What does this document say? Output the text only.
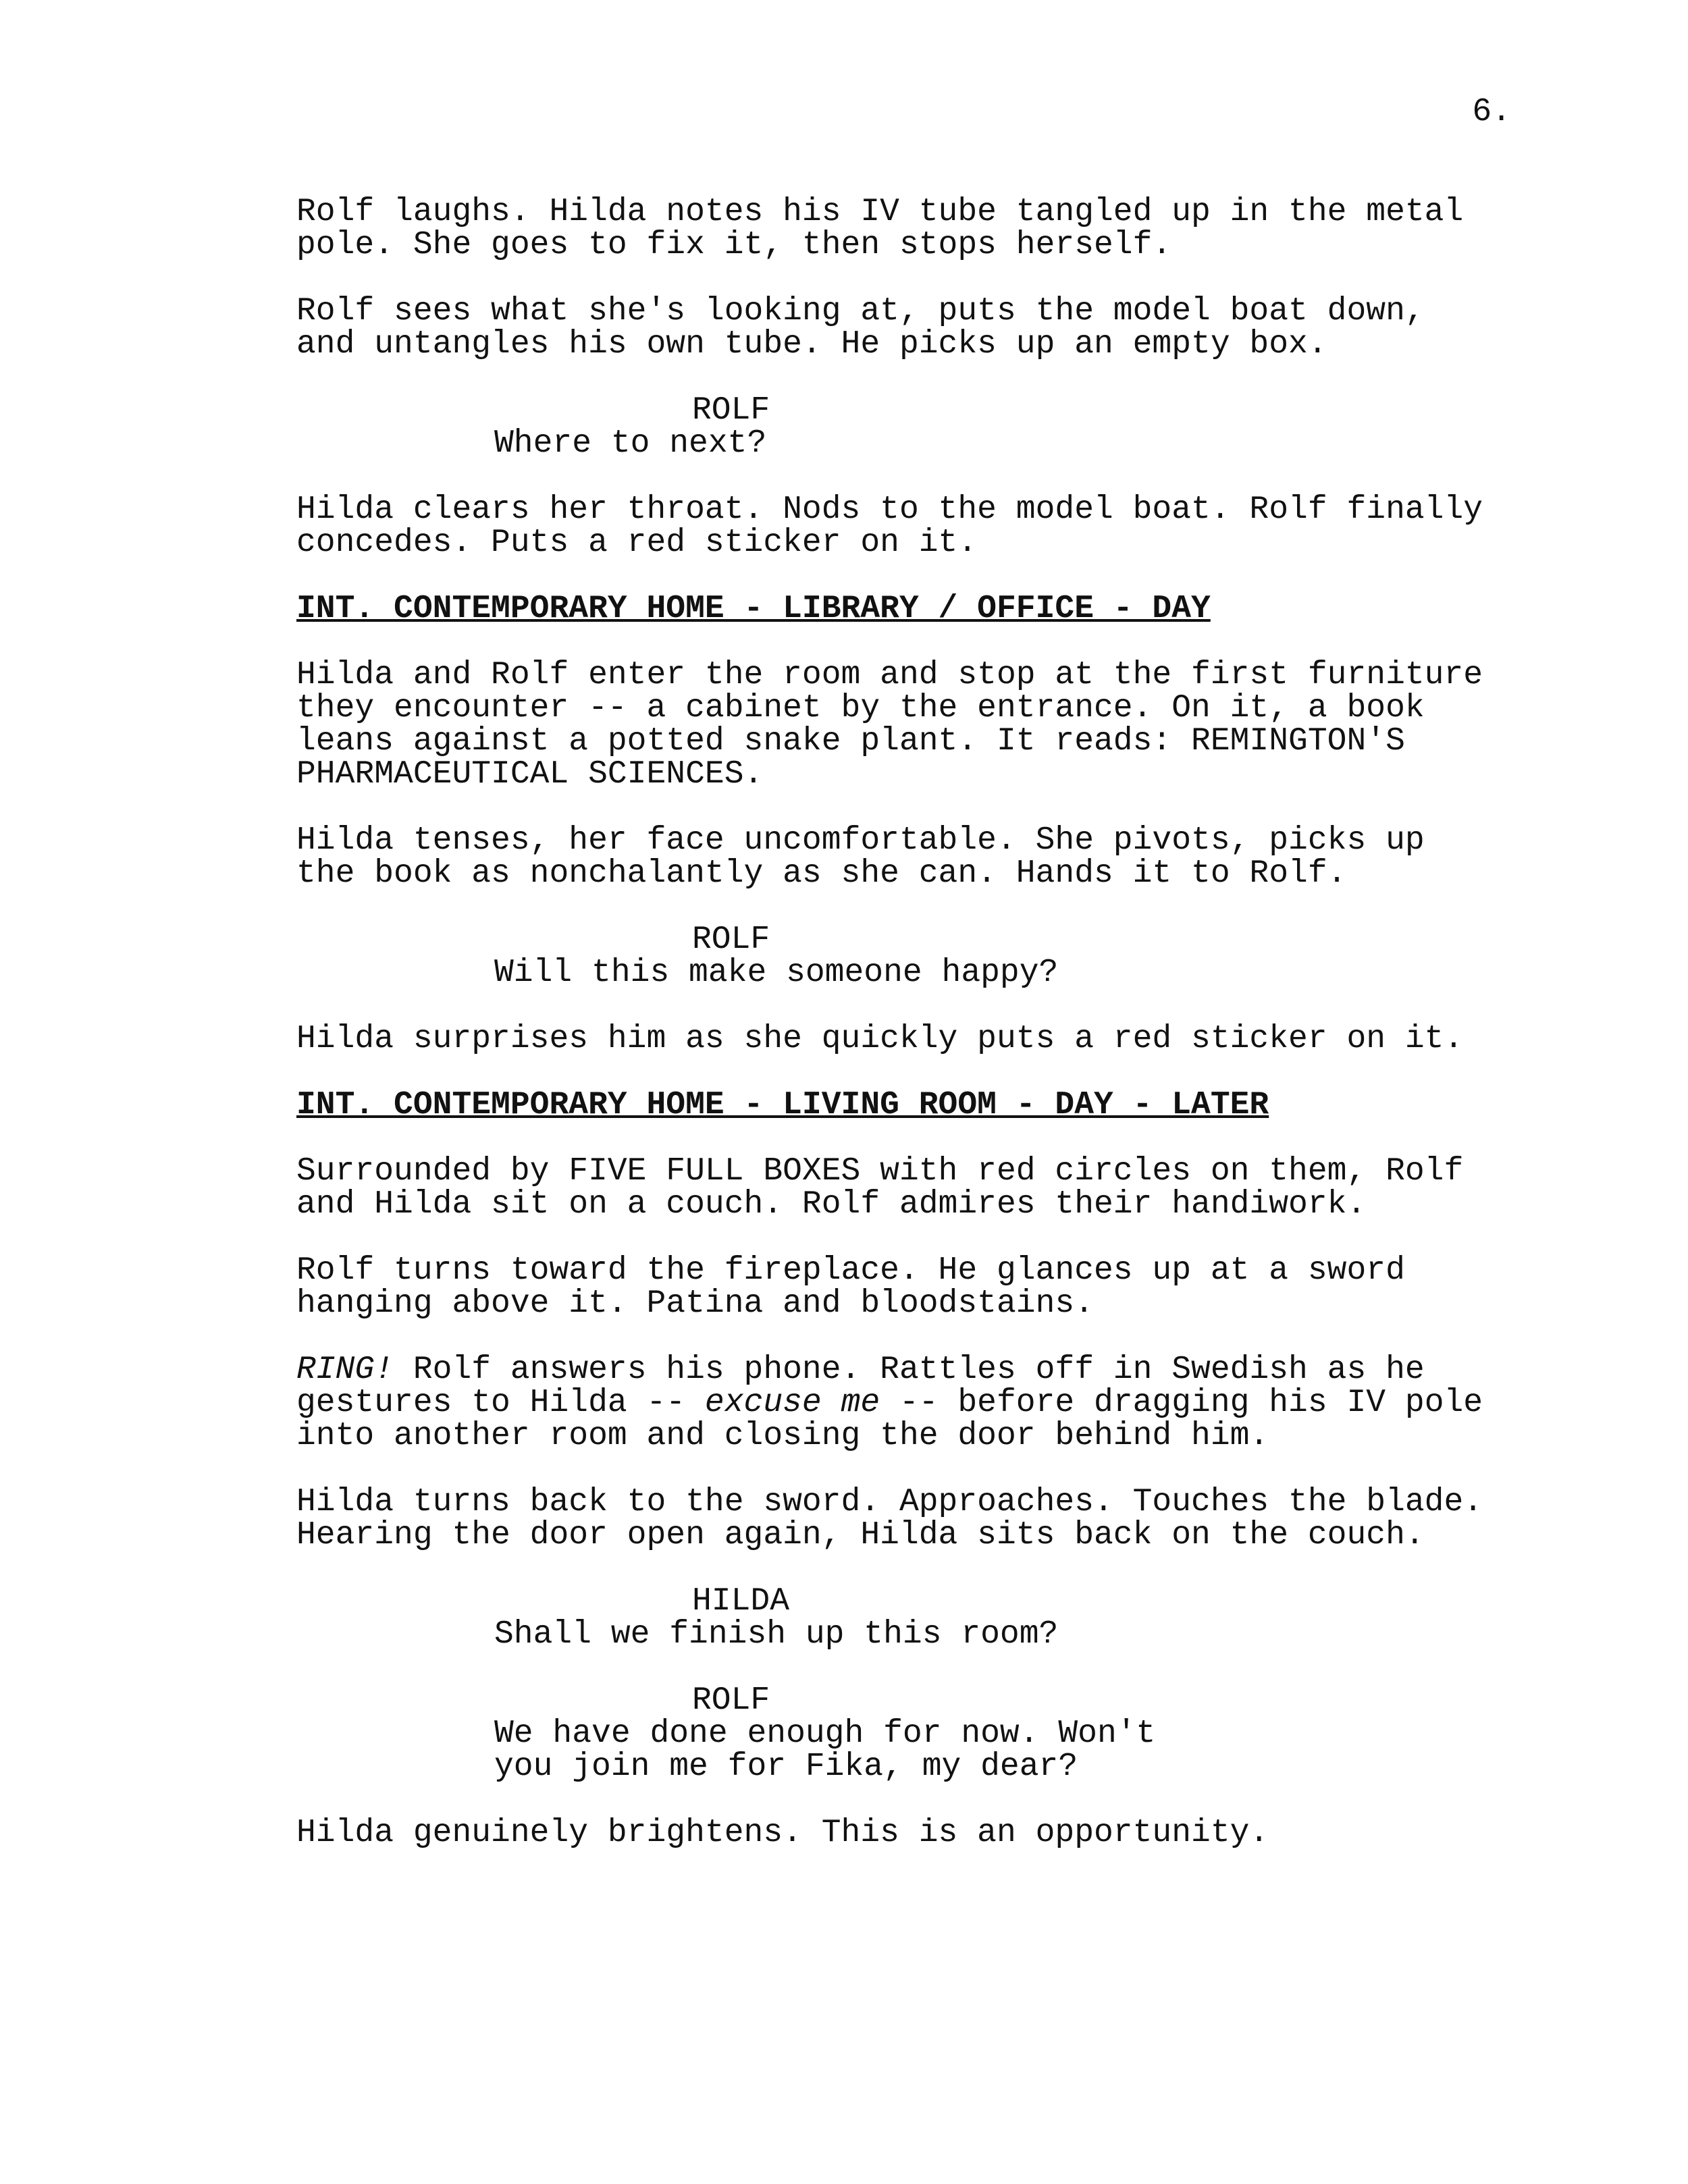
6.
Rolf laughs. Hilda notes his IV tube tangled up in the metal
pole. She goes to fix it, then stops herself.
Rolf sees what she's looking at, puts the model boat down,
and untangles his own tube. He picks up an empty box.
ROLF
Where to next?
Hilda clears her throat. Nods to the model boat. Rolf finally
concedes. Puts a red sticker on it.
INT. CONTEMPORARY HOME - LIBRARY / OFFICE - DAY
Hilda and Rolf enter the room and stop at the first furniture
they encounter -- a cabinet by the entrance. On it, a book
leans against a potted snake plant. It reads: REMINGTON'S
PHARMACEUTICAL SCIENCES.
Hilda tenses, her face uncomfortable. She pivots, picks up
the book as nonchalantly as she can. Hands it to Rolf.
ROLF
Will this make someone happy?
Hilda surprises him as she quickly puts a red sticker on it.
INT. CONTEMPORARY HOME - LIVING ROOM - DAY - LATER
Surrounded by FIVE FULL BOXES with red circles on them, Rolf
and Hilda sit on a couch. Rolf admires their handiwork.
Rolf turns toward the fireplace. He glances up at a sword
hanging above it. Patina and bloodstains.
RING! Rolf answers his phone. Rattles off in Swedish as he
gestures to Hilda -- excuse me -- before dragging his IV pole
into another room and closing the door behind him.
Hilda turns back to the sword. Approaches. Touches the blade.
Hearing the door open again, Hilda sits back on the couch.
HILDA
Shall we finish up this room?
ROLF
We have done enough for now. Won't
you join me for Fika, my dear?
Hilda genuinely brightens. This is an opportunity.
